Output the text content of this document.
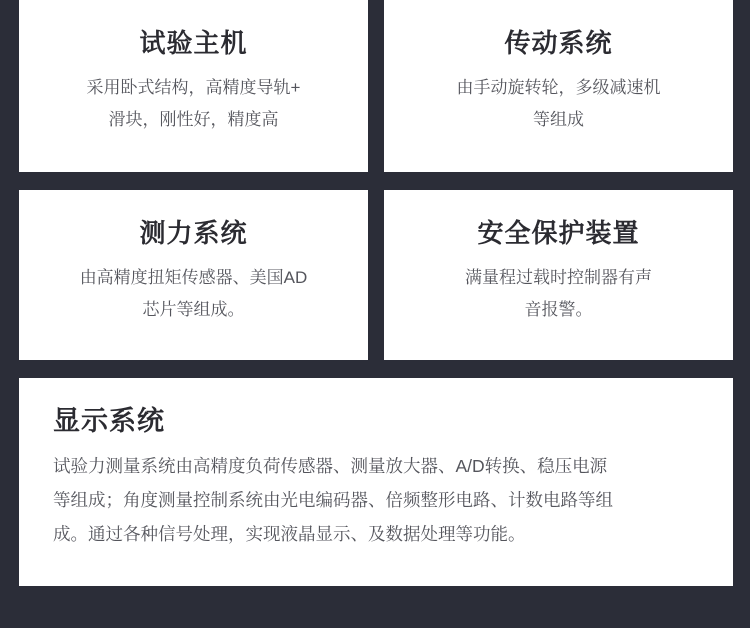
试验主机
采用卧式结构，高精度导轨+
滑块，刚性好，精度高
传动系统
由手动旋转轮，多级减速机
等组成
测力系统
由高精度扭矩传感器、美国AD
芯片等组成。
安全保护装置
满量程过载时控制器有声
音报警。
显示系统
试验力测量系统由高精度负荷传感器、测量放大器、A/D转换、稳压电源
等组成；角度测量控制系统由光电编码器、倍频整形电路、计数电路等组
成。通过各种信号处理，实现液晶显示、及数据处理等功能。
